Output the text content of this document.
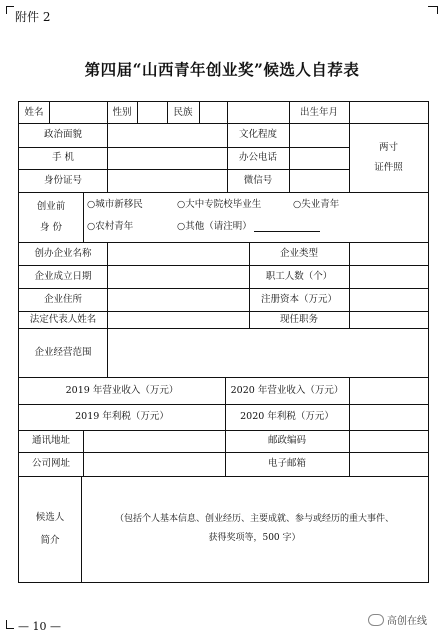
附件 2
第四届“山西青年创业奖”候选人自荐表
姓名	性别	民族	出生年月
政治面貌	文化程度
手 机	办公电话
身份证号	微信号
两寸
证件照
创业前
身 份
○城市新移民	○大中专院校毕业生	○失业青年
○农村青年	○其他（请注明）
创办企业名称	企业类型
企业成立日期	职工人数（个）
企业住所	注册资本（万元）
法定代表人姓名	现任职务
企业经营范围
2019 年营业收入（万元）	2020 年营业收入（万元）
2019 年利税（万元）	2020 年利税（万元）
通讯地址	邮政编码
公司网址	电子邮箱
候选人
简介
（包括个人基本信息、创业经历、主要成就、参与或经历的重大事件、
获得奖项等，500 字）
— 10 —	高创在线
